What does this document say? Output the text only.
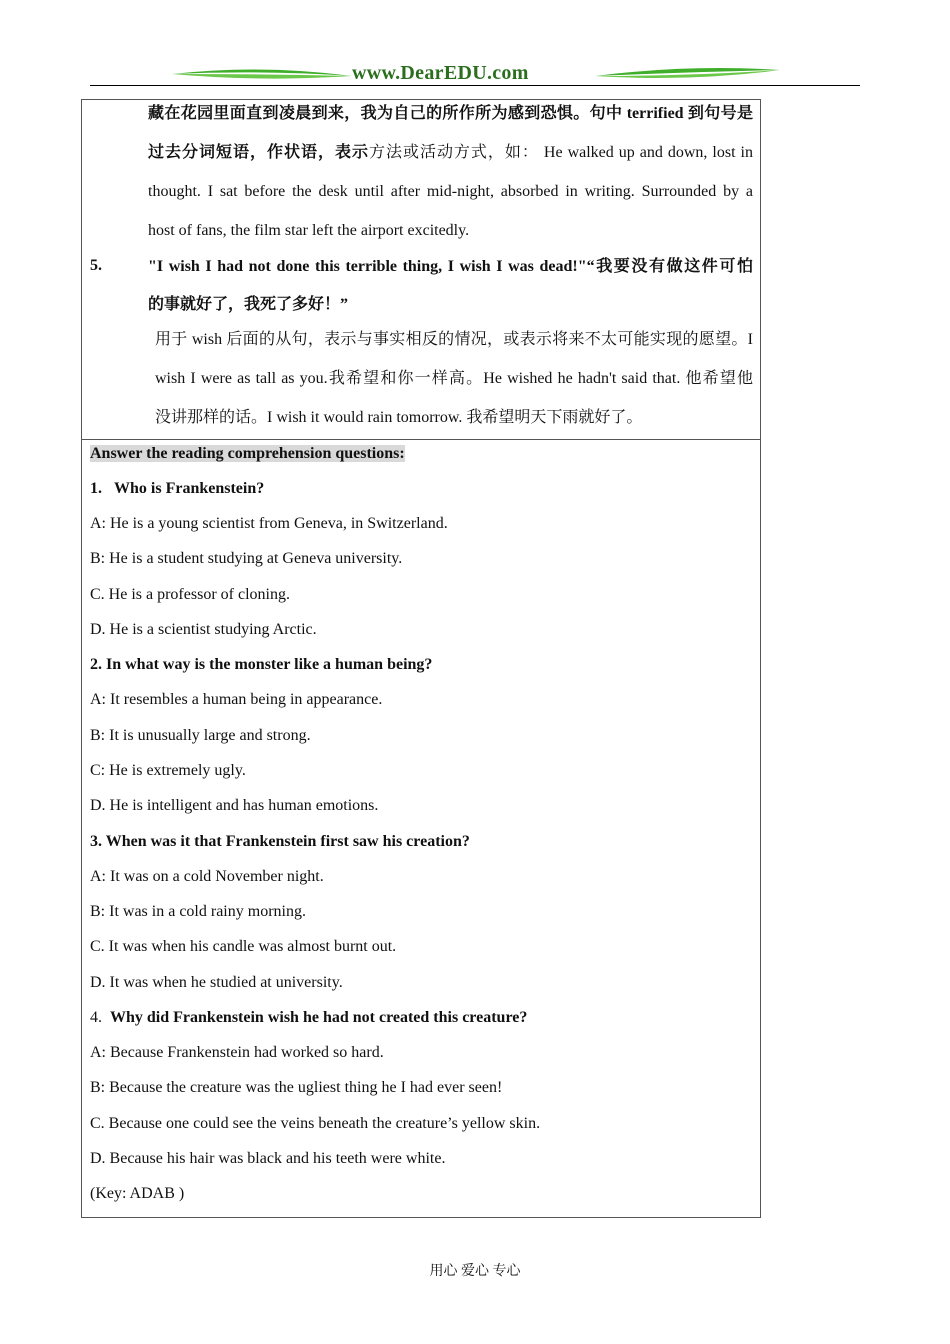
www.DearEDU.com
藏在花园里面直到凌晨到来，我为自己的所作所为感到恐惧。句中 terrified 到句号是
过去分词短语，作状语，表示方法或活动方式，如： He walked up and down, lost in
thought. I sat before the desk until after mid-night, absorbed in writing. Surrounded by a
host of fans, the film star left the airport excitedly.
5.	"I wish I had not done this terrible thing, I wish I was dead!"“我要没有做这件可怕
的事就好了，我死了多好！”
用于 wish 后面的从句，表示与事实相反的情况，或表示将来不太可能实现的愿望。I
wish I were as tall as you.我希望和你一样高。He wished he hadn't said that. 他希望他
没讲那样的话。I wish it would rain tomorrow. 我希望明天下雨就好了。
Answer the reading comprehension questions:
1.   Who is Frankenstein?
A: He is a young scientist from Geneva, in Switzerland.
B: He is a student studying at Geneva university.
C. He is a professor of cloning.
D. He is a scientist studying Arctic.
2. In what way is the monster like a human being?
A: It resembles a human being in appearance.
B: It is unusually large and strong.
C: He is extremely ugly.
D. He is intelligent and has human emotions.
3. When was it that Frankenstein first saw his creation?
A: It was on a cold November night.
B: It was in a cold rainy morning.
C. It was when his candle was almost burnt out.
D. It was when he studied at university.
4. Why did Frankenstein wish he had not created this creature?
A: Because Frankenstein had worked so hard.
B: Because the creature was the ugliest thing he I had ever seen!
C. Because one could see the veins beneath the creature’s yellow skin.
D. Because his hair was black and his teeth were white.
(Key: ADAB )
用心 爱心 专心
